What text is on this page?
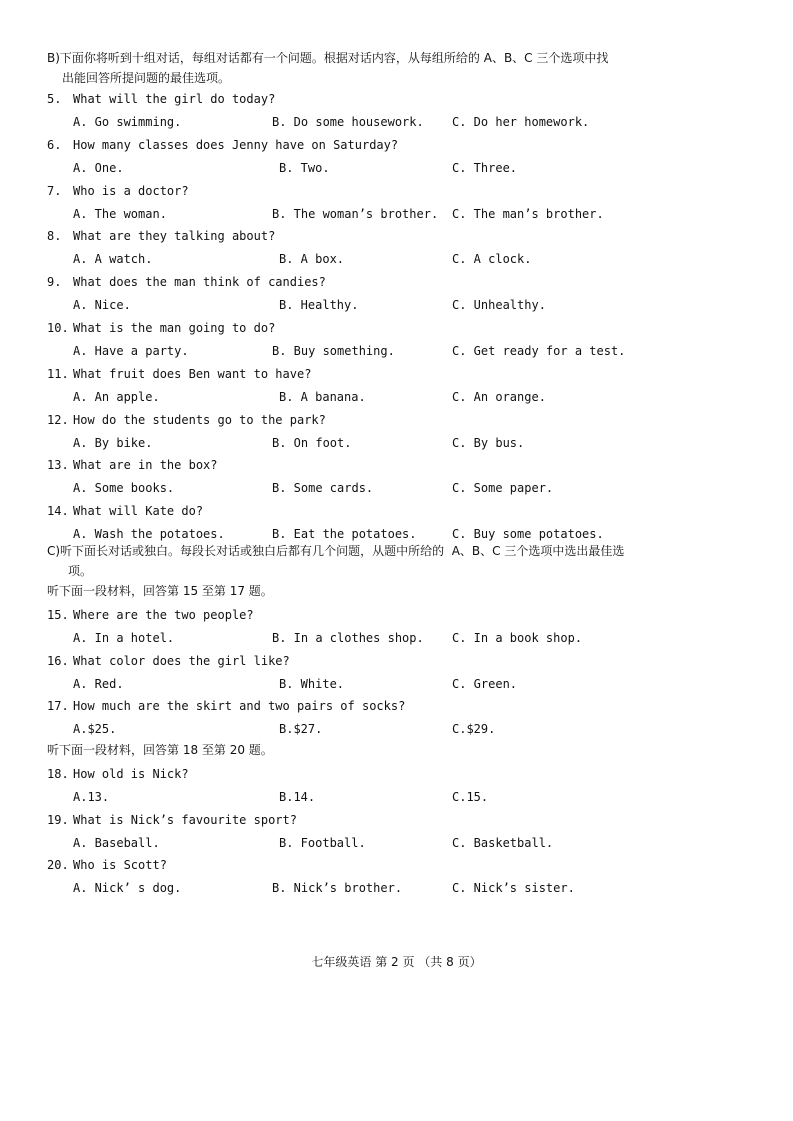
B)下面你将听到十组对话，每组对话都有一个问题。根据对话内容，从每组所给的 A、B、C 三个选项中找
出能回答所提问题的最佳选项。
5. What will the girl do today?
A. Go swimming.	B. Do some housework. C. Do her homework.
6. How many classes does Jenny have on Saturday?
A. One.	B. Two.	C. Three.
7. Who is a doctor?
A. The woman.	B. The woman’s brother. C. The man’s brother.
8. What are they talking about?
A. A watch.	B. A box.	C. A clock.
9. What does the man think of candies?
A. Nice.	B. Healthy.	C. Unhealthy.
10. What is the man going to do?
A. Have a party.	B. Buy something.	C. Get ready for a test.
11. What fruit does Ben want to have?
A. An apple.	B. A banana.	C. An orange.
12. How do the students go to the park?
A. By bike.	B. On foot.	C. By bus.
13. What are in the box?
A. Some books.	B. Some cards.	C. Some paper.
14. What will Kate do?
A. Wash the potatoes.	B. Eat the potatoes.	C. Buy some potatoes.
C)听下面长对话或独白。每段长对话或独白后都有几个问题，从题中所给的  A、B、C 三个选项中选出最佳选
项。
听下面一段材料，回答第 15 至第 17 题。
15. Where are the two people?
A. In a hotel.	B. In a clothes shop. C. In a book shop.
16. What color does the girl like?
A. Red.	B. White.	C. Green.
17. How much are the skirt and two pairs of socks?
A.$25.	B.$27.	C.$29.
听下面一段材料，回答第 18 至第 20 题。
18. How old is Nick?
A.13.	B.14.	C.15.
19. What is Nick’s favourite sport?
A. Baseball.	B. Football.	C. Basketball.
20. Who is Scott?
A. Nick’ s dog.	B. Nick’s brother.	C. Nick’s sister.
七年级英语 第 2 页 （共 8 页）
